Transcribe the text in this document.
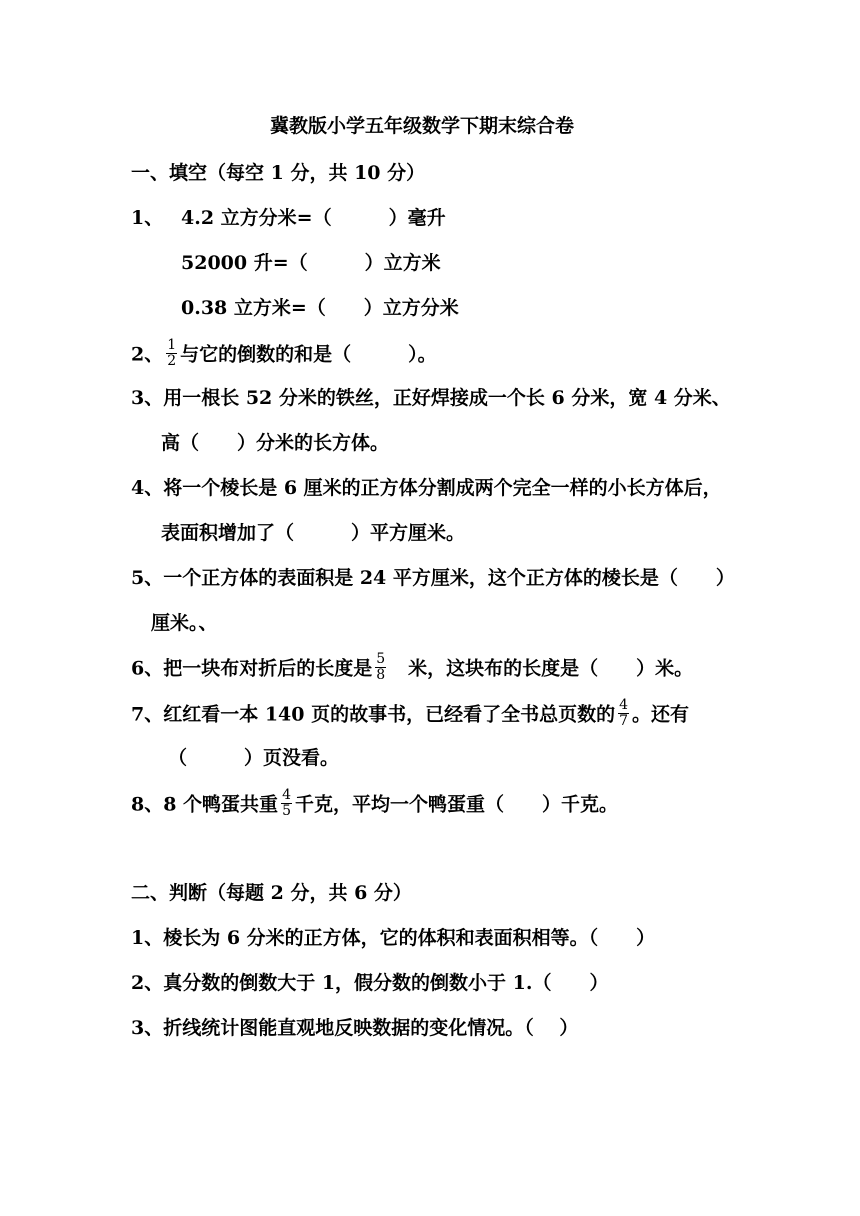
冀教版小学五年级数学下期末综合卷
一、填空（每空 1 分，共 10 分）
1、 4.2 立方分米=（　　　）毫升
52000 升=（　　　）立方米
0.38 立方米=（　　）立方分米
2、 $\frac{1}{2}$ 与它的倒数的和是（　　　）。
3、用一根长 52 分米的铁丝，正好焊接成一个长 6 分米，宽 4 分米、
高（　　）分米的长方体。
4、将一个棱长是 6 厘米的正方体分割成两个完全一样的小长方体后，
表面积增加了（　　　）平方厘米。
5、一个正方体的表面积是 24 平方厘米，这个正方体的棱长是（　　）
厘米。、
6、把一块布对折后的长度是 $\frac{5}{8}$ 　米，这块布的长度是（　　）米。
7、红红看一本 140 页的故事书，已经看了全书总页数的 $\frac{4}{7}$ 。还有
（　　　）页没看。
8、8 个鸭蛋共重 $\frac{4}{5}$ 千克，平均一个鸭蛋重（　　）千克。
二、判断（每题 2 分，共 6 分）
1、棱长为 6 分米的正方体，它的体积和表面积相等。（　　）
2、真分数的倒数大于 1，假分数的倒数小于 1.（　　）
3、折线统计图能直观地反映数据的变化情况。（　 ）
